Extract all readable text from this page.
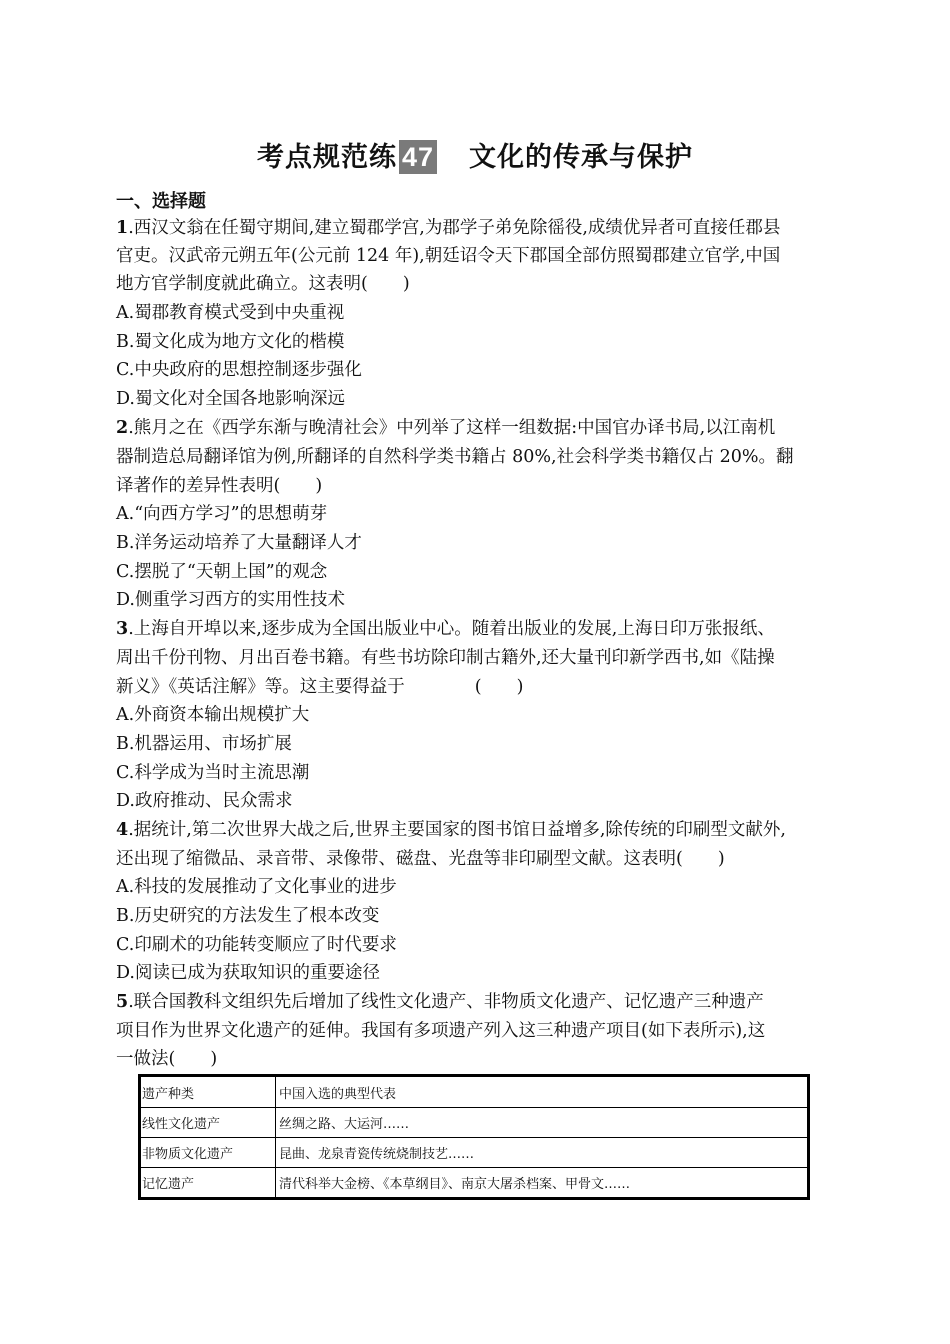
考点规范练 47 文化的传承与保护
一、选择题
1.西汉文翁在任蜀守期间,建立蜀郡学宫,为郡学子弟免除徭役,成绩优异者可直接任郡县
官吏。汉武帝元朔五年(公元前 124 年),朝廷诏令天下郡国全部仿照蜀郡建立官学,中国
地方官学制度就此确立。这表明(　　)
A.蜀郡教育模式受到中央重视
B.蜀文化成为地方文化的楷模
C.中央政府的思想控制逐步强化
D.蜀文化对全国各地影响深远
2.熊月之在《西学东渐与晚清社会》中列举了这样一组数据:中国官办译书局,以江南机
器制造总局翻译馆为例,所翻译的自然科学类书籍占 80%,社会科学类书籍仅占 20%。翻
译著作的差异性表明(　　)
A.“向西方学习”的思想萌芽
B.洋务运动培养了大量翻译人才
C.摆脱了“天朝上国”的观念
D.侧重学习西方的实用性技术
3.上海自开埠以来,逐步成为全国出版业中心。随着出版业的发展,上海日印万张报纸、
周出千份刊物、月出百卷书籍。有些书坊除印制古籍外,还大量刊印新学西书,如《陆操
新义》《英话注解》等。这主要得益于　　　　(　　)
A.外商资本输出规模扩大
B.机器运用、市场扩展
C.科学成为当时主流思潮
D.政府推动、民众需求
4.据统计,第二次世界大战之后,世界主要国家的图书馆日益增多,除传统的印刷型文献外,
还出现了缩微品、录音带、录像带、磁盘、光盘等非印刷型文献。这表明(　　)
A.科技的发展推动了文化事业的进步
B.历史研究的方法发生了根本改变
C.印刷术的功能转变顺应了时代要求
D.阅读已成为获取知识的重要途径
5.联合国教科文组织先后增加了线性文化遗产、非物质文化遗产、记忆遗产三种遗产
项目作为世界文化遗产的延伸。我国有多项遗产列入这三种遗产项目(如下表所示),这
一做法(　　)
遗产种类	中国入选的典型代表
线性文化遗产	丝绸之路、大运河……
非物质文化遗产	昆曲、龙泉青瓷传统烧制技艺……
记忆遗产	清代科举大金榜、《本草纲目》、南京大屠杀档案、甲骨文……
